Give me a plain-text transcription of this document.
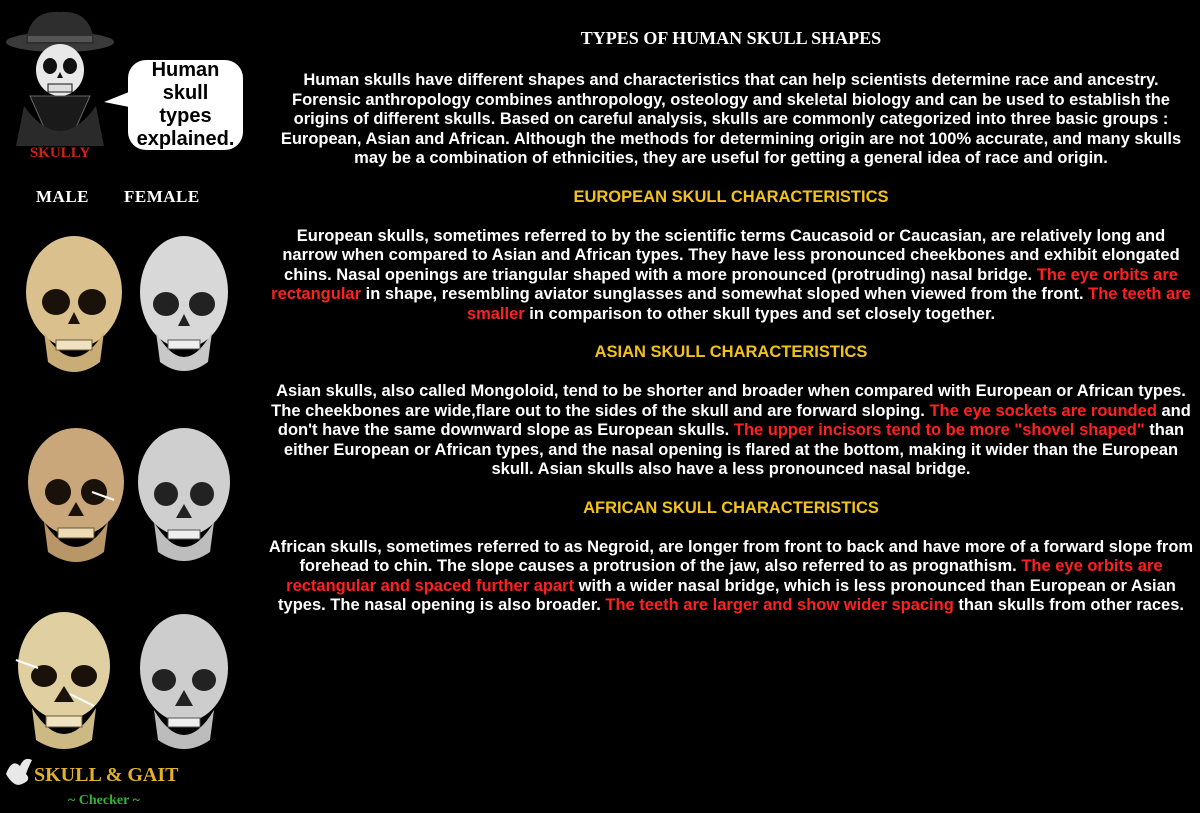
Human skull types explained.
SKULLY
MALE FEMALE
SKULL & GAIT
~ Checker ~
TYPES OF HUMAN SKULL SHAPES

Human skulls have different shapes and characteristics that can help scientists determine race and ancestry.

Forensic anthropology combines anthropology, osteology and skeletal biology and can be used to establish the origins of different skulls. Based on careful analysis, skulls are commonly categorized into three basic groups : European, Asian and African. Although the methods for determining origin are not 100% accurate, and many skulls may be a combination of ethnicities, they are useful for getting a general idea of race and origin.

EUROPEAN SKULL CHARACTERISTICS

European skulls, sometimes referred to by the scientific terms Caucasoid or Caucasian, are relatively long and narrow when compared to Asian and African types. They have less pronounced cheekbones and exhibit elongated chins. Nasal openings are triangular shaped with a more pronounced (protruding) nasal bridge. The eye orbits are rectangular in shape, resembling aviator sunglasses and somewhat sloped when viewed from the front. The teeth are smaller in comparison to other skull types and set closely together.

ASIAN SKULL CHARACTERISTICS

Asian skulls, also called Mongoloid, tend to be shorter and broader when compared with European or African types. The cheekbones are wide,flare out to the sides of the skull and are forward sloping. The eye sockets are rounded and don't have the same downward slope as European skulls. The upper incisors tend to be more "shovel shaped" than either European or African types, and the nasal opening is flared at the bottom, making it wider than the European skull. Asian skulls also have a less pronounced nasal bridge.

AFRICAN SKULL CHARACTERISTICS

African skulls, sometimes referred to as Negroid, are longer from front to back and have more of a forward slope from forehead to chin. The slope causes a protrusion of the jaw, also referred to as prognathism. The eye orbits are rectangular and spaced further apart with a wider nasal bridge, which is less pronounced than European or Asian types. The nasal opening is also broader. The teeth are larger and show wider spacing than skulls from other races.
